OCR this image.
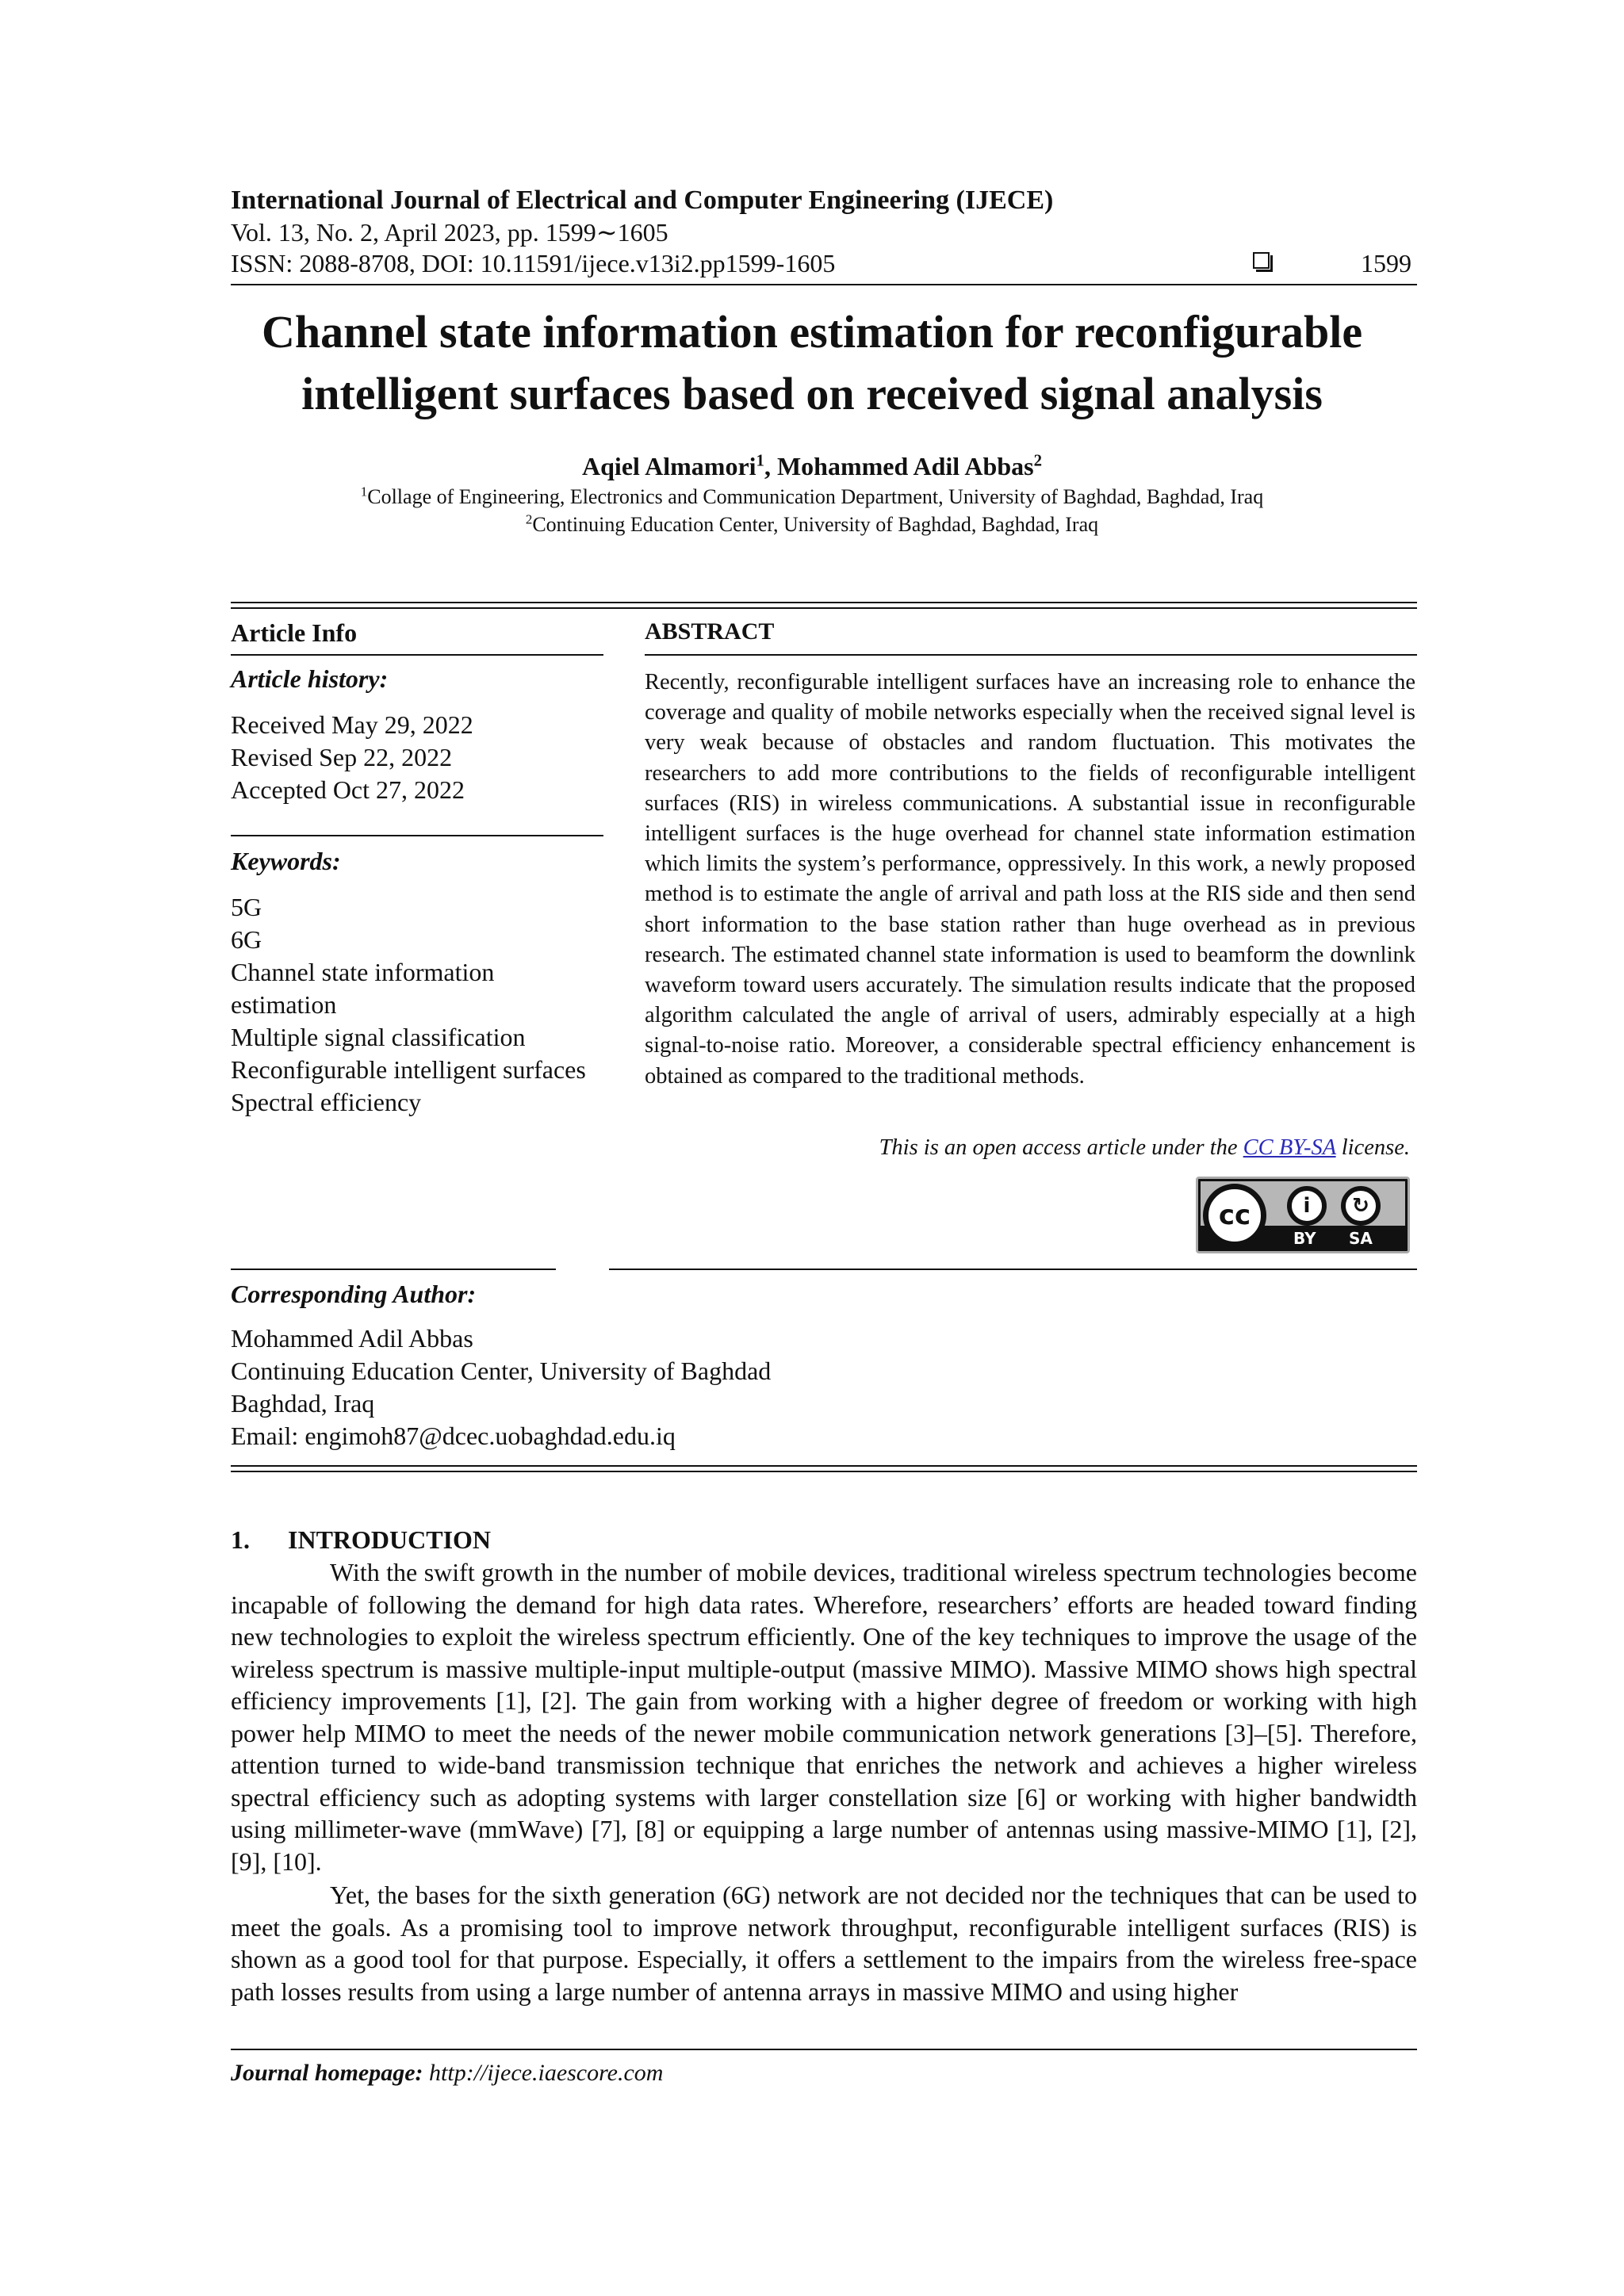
International Journal of Electrical and Computer Engineering (IJECE)
Vol. 13, No. 2, April 2023, pp. 1599∼1605
ISSN: 2088-8708, DOI: 10.11591/ijece.v13i2.pp1599-1605	1599
Channel state information estimation for reconfigurable
intelligent surfaces based on received signal analysis
Aqiel Almamori$^1$, Mohammed Adil Abbas$^2$
$^1$Collage of Engineering, Electronics and Communication Department, University of Baghdad, Baghdad, Iraq
$^2$Continuing Education Center, University of Baghdad, Baghdad, Iraq
Article Info
Article history:
Received May 29, 2022
Revised Sep 22, 2022
Accepted Oct 27, 2022
Keywords:
5G
6G
Channel state information
estimation
Multiple signal classification
Reconfigurable intelligent surfaces
Spectral efficiency
ABSTRACT
Recently, reconfigurable intelligent surfaces have an increasing role to enhance the coverage and quality of mobile networks especially when the received signal level is very weak because of obstacles and random fluctuation. This motivates the researchers to add more contributions to the fields of reconfigurable intelligent surfaces (RIS) in wireless communications. A substantial issue in reconfigurable intelligent surfaces is the huge overhead for channel state information estimation which limits the system’s performance, oppressively. In this work, a newly proposed method is to estimate the angle of arrival and path loss at the RIS side and then send short information to the base station rather than huge overhead as in previous research. The estimated channel state information is used to beamform the downlink waveform toward users accurately. The simulation results indicate that the proposed algorithm calculated the angle of arrival of users, admirably especially at a high signal-to-noise ratio. Moreover, a considerable spectral efficiency enhancement is obtained as compared to the traditional methods.
This is an open access article under the CC BY-SA license.
cc	i	↻
BY SA
Corresponding Author:
Mohammed Adil Abbas
Continuing Education Center, University of Baghdad
Baghdad, Iraq
Email: engimoh87@dcec.uobaghdad.edu.iq
1.      INTRODUCTION
With the swift growth in the number of mobile devices, traditional wireless spectrum technologies become incapable of following the demand for high data rates. Wherefore, researchers’ efforts are headed toward finding new technologies to exploit the wireless spectrum efficiently. One of the key techniques to improve the usage of the wireless spectrum is massive multiple-input multiple-output (massive MIMO). Massive MIMO shows high spectral efficiency improvements [1], [2]. The gain from working with a higher degree of freedom or working with high power help MIMO to meet the needs of the newer mobile communication network generations [3]–[5]. Therefore, attention turned to wide-band transmission technique that enriches the network and achieves a higher wireless spectral efficiency such as adopting systems with larger constellation size [6] or working with higher bandwidth using millimeter-wave (mmWave) [7], [8] or equipping a large number of antennas using massive-MIMO [1], [2], [9], [10].
Yet, the bases for the sixth generation (6G) network are not decided nor the techniques that can be used to meet the goals. As a promising tool to improve network throughput, reconfigurable intelligent surfaces (RIS) is shown as a good tool for that purpose. Especially, it offers a settlement to the impairs from the wireless free-space path losses results from using a large number of antenna arrays in massive MIMO and using higher
Journal homepage: http://ijece.iaescore.com
